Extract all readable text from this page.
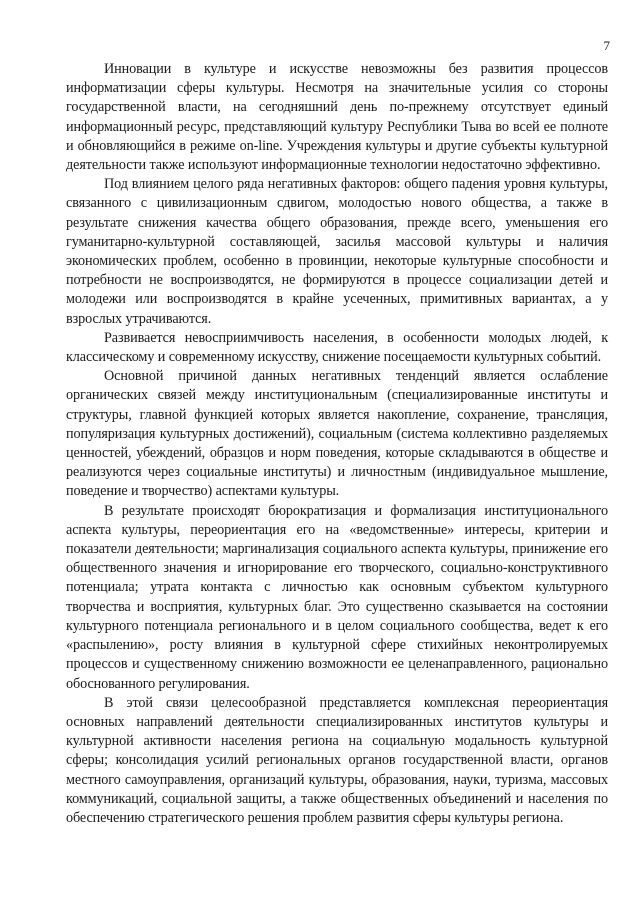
7

Инновации в культуре и искусстве невозможны без развития процессов информатизации сферы культуры. Несмотря на значительные усилия со стороны государственной власти, на сегодняшний день по-прежнему отсутствует единый информационный ресурс, представляющий культуру Республики Тыва во всей ее полноте и обновляющийся в режиме on-line. Учреждения культуры и другие субъекты культурной деятельности также используют информационные технологии недостаточно эффективно.

Под влиянием целого ряда негативных факторов: общего падения уровня культуры, связанного с цивилизационным сдвигом, молодостью нового общества, а также в результате снижения качества общего образования, прежде всего, уменьшения его гуманитарно-культурной составляющей, засилья массовой культуры и наличия экономических проблем, особенно в провинции, некоторые культурные способности и потребности не воспроизводятся, не формируются в процессе социализации детей и молодежи или воспроизводятся в крайне усеченных, примитивных вариантах, а у взрослых утрачиваются.

Развивается невосприимчивость населения, в особенности молодых людей, к классическому и современному искусству, снижение посещаемости культурных событий.

Основной причиной данных негативных тенденций является ослабление органических связей между институциональным (специализированные институты и структуры, главной функцией которых является накопление, сохранение, трансляция, популяризация культурных достижений), социальным (система коллективно разделяемых ценностей, убеждений, образцов и норм поведения, которые складываются в обществе и реализуются через социальные институты) и личностным (индивидуальное мышление, поведение и творчество) аспектами культуры.

В результате происходят бюрократизация и формализация институционального аспекта культуры, переориентация его на «ведомственные» интересы, критерии и показатели деятельности; маргинализация социального аспекта культуры, принижение его общественного значения и игнорирование его творческого, социально-конструктивного потенциала; утрата контакта с личностью как основным субъектом культурного творчества и восприятия, культурных благ. Это существенно сказывается на состоянии культурного потенциала регионального и в целом социального сообщества, ведет к его «распылению», росту влияния в культурной сфере стихийных неконтролируемых процессов и существенному снижению возможности ее целенаправленного, рационально обоснованного регулирования.

В этой связи целесообразной представляется комплексная переориентация основных направлений деятельности специализированных институтов культуры и культурной активности населения региона на социальную модальность культурной сферы; консолидация усилий региональных органов государственной власти, органов местного самоуправления, организаций культуры, образования, науки, туризма, массовых коммуникаций, социальной защиты, а также общественных объединений и населения по обеспечению стратегического решения проблем развития сферы культуры региона.
